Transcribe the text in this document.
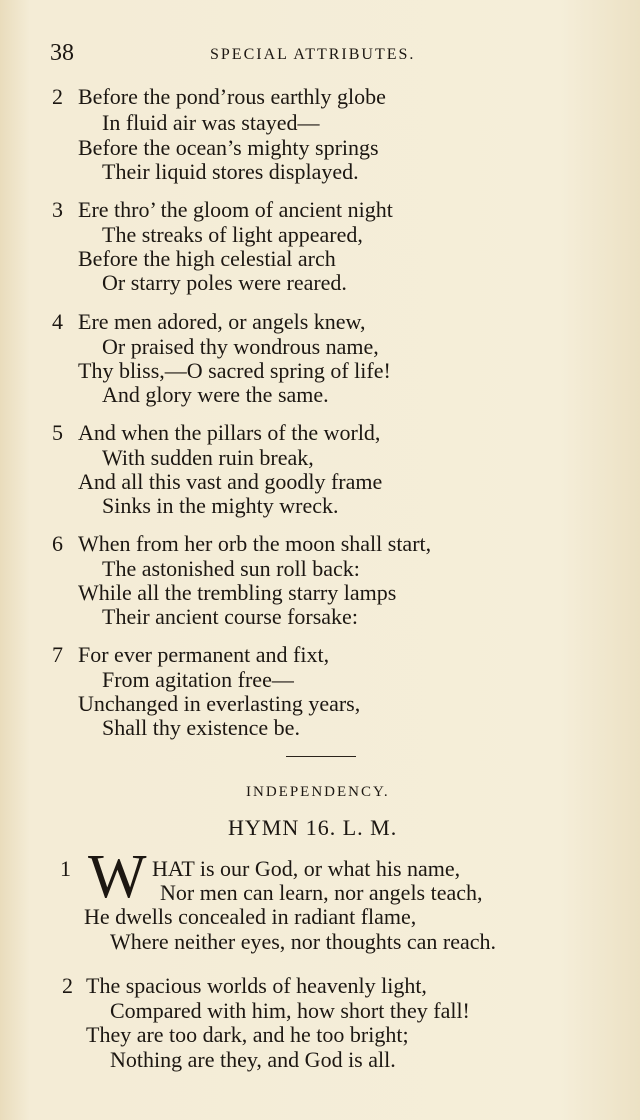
38	SPECIAL ATTRIBUTES.
2 Before the pond’rous earthly globe
In fluid air was stayed—
Before the ocean’s mighty springs
Their liquid stores displayed.
3 Ere thro’ the gloom of ancient night
The streaks of light appeared,
Before the high celestial arch
Or starry poles were reared.
4 Ere men adored, or angels knew,
Or praised thy wondrous name,
Thy bliss,—O sacred spring of life!
And glory were the same.
5 And when the pillars of the world,
With sudden ruin break,
And all this vast and goodly frame
Sinks in the mighty wreck.
6 When from her orb the moon shall start,
The astonished sun roll back:
While all the trembling starry lamps
Their ancient course forsake:
7 For ever permanent and fixt,
From agitation free—
Unchanged in everlasting years,
Shall thy existence be.
INDEPENDENCY.
HYMN 16. L. M.
1 W HAT is our God, or what his name,
Nor men can learn, nor angels teach,
He dwells concealed in radiant flame,
Where neither eyes, nor thoughts can reach.
2 The spacious worlds of heavenly light,
Compared with him, how short they fall!
They are too dark, and he too bright;
Nothing are they, and God is all.
